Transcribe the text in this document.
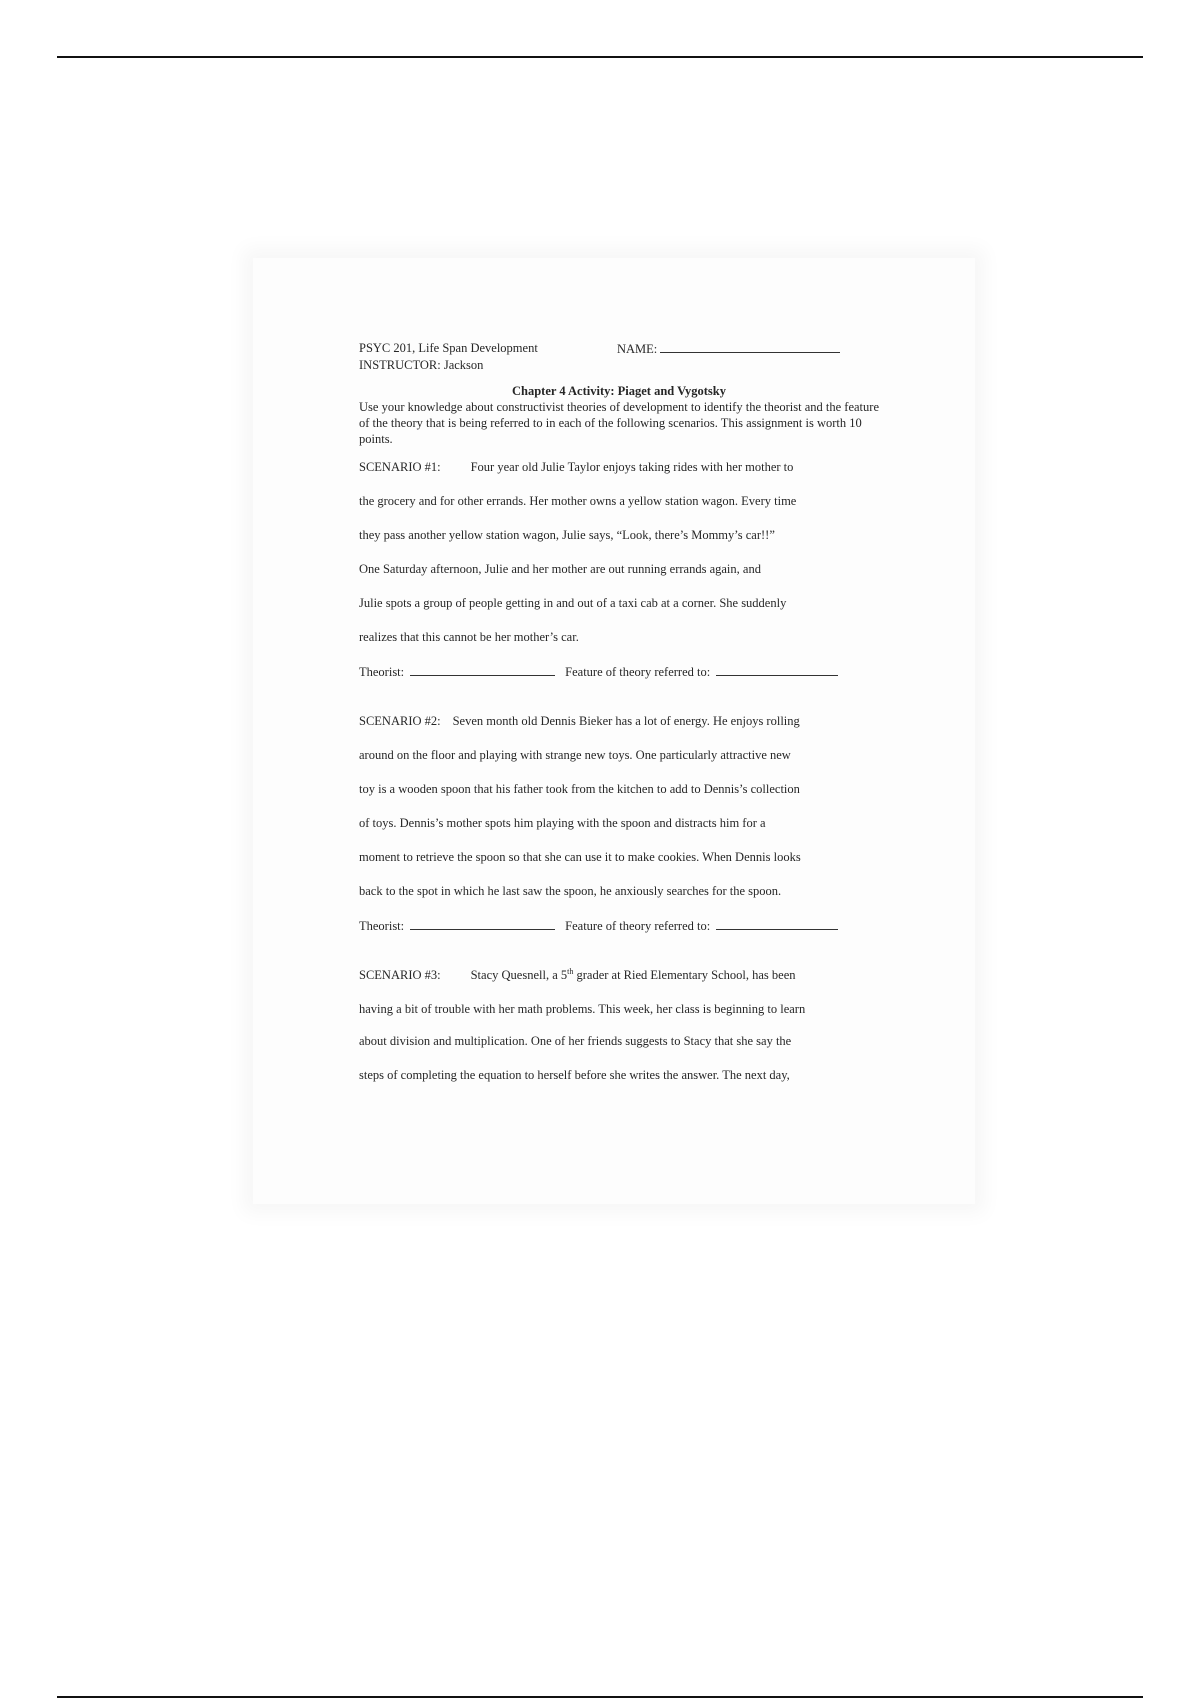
PSYC 201, Life Span Development	NAME:
INSTRUCTOR: Jackson
Chapter 4 Activity: Piaget and Vygotsky
Use your knowledge about constructivist theories of development to identify the theorist and the feature of the theory that is being referred to in each of the following scenarios. This assignment is worth 10 points.
SCENARIO #1: Four year old Julie Taylor enjoys taking rides with her mother to
the grocery and for other errands. Her mother owns a yellow station wagon. Every time
they pass another yellow station wagon, Julie says, “Look, there’s Mommy’s car!!”
One Saturday afternoon, Julie and her mother are out running errands again, and
Julie spots a group of people getting in and out of a taxi cab at a corner. She suddenly
realizes that this cannot be her mother’s car.
Theorist:	Feature of theory referred to:
SCENARIO #2: Seven month old Dennis Bieker has a lot of energy. He enjoys rolling
around on the floor and playing with strange new toys. One particularly attractive new
toy is a wooden spoon that his father took from the kitchen to add to Dennis’s collection
of toys. Dennis’s mother spots him playing with the spoon and distracts him for a
moment to retrieve the spoon so that she can use it to make cookies. When Dennis looks
back to the spot in which he last saw the spoon, he anxiously searches for the spoon.
Theorist:	Feature of theory referred to:
SCENARIO #3: Stacy Quesnell, a 5th grader at Ried Elementary School, has been
having a bit of trouble with her math problems. This week, her class is beginning to learn
about division and multiplication. One of her friends suggests to Stacy that she say the
steps of completing the equation to herself before she writes the answer. The next day,
